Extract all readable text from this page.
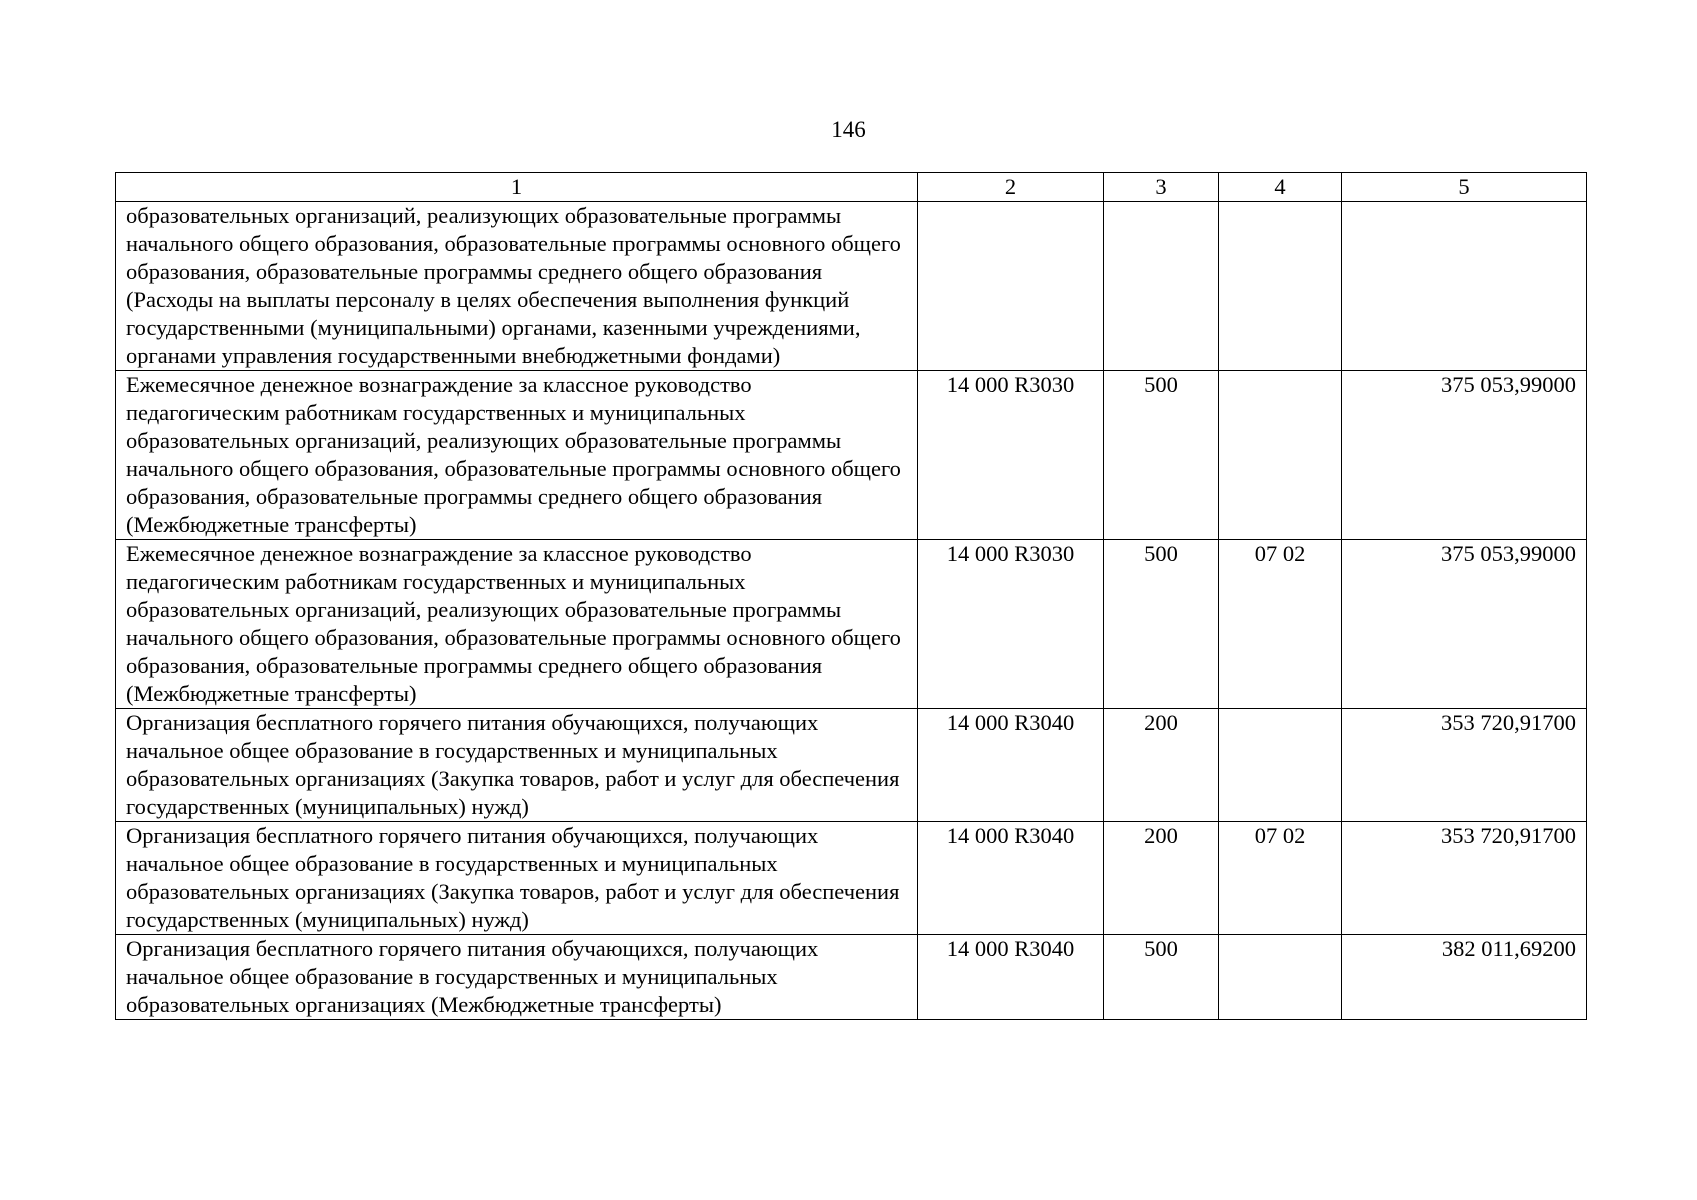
146
1	2	3	4	5
образовательных организаций, реализующих образовательные программы начального общего образования, образовательные программы основного общего образования, образовательные программы среднего общего образования (Расходы на выплаты персоналу в целях обеспечения выполнения функций государственными (муниципальными) органами, казенными учреждениями, органами управления государственными внебюджетными фондами)				
Ежемесячное денежное вознаграждение за классное руководство педагогическим работникам государственных и муниципальных образовательных организаций, реализующих образовательные программы начального общего образования, образовательные программы основного общего образования, образовательные программы среднего общего образования (Межбюджетные трансферты)	14 000 R3030	500		375 053,99000
Ежемесячное денежное вознаграждение за классное руководство педагогическим работникам государственных и муниципальных образовательных организаций, реализующих образовательные программы начального общего образования, образовательные программы основного общего образования, образовательные программы среднего общего образования (Межбюджетные трансферты)	14 000 R3030	500	07 02	375 053,99000
Организация бесплатного горячего питания обучающихся, получающих начальное общее образование в государственных и муниципальных образовательных организациях (Закупка товаров, работ и услуг для обеспечения государственных (муниципальных) нужд)	14 000 R3040	200		353 720,91700
Организация бесплатного горячего питания обучающихся, получающих начальное общее образование в государственных и муниципальных образовательных организациях (Закупка товаров, работ и услуг для обеспечения государственных (муниципальных) нужд)	14 000 R3040	200	07 02	353 720,91700
Организация бесплатного горячего питания обучающихся, получающих начальное общее образование в государственных и муниципальных образовательных организациях (Межбюджетные трансферты)	14 000 R3040	500		382 011,69200
